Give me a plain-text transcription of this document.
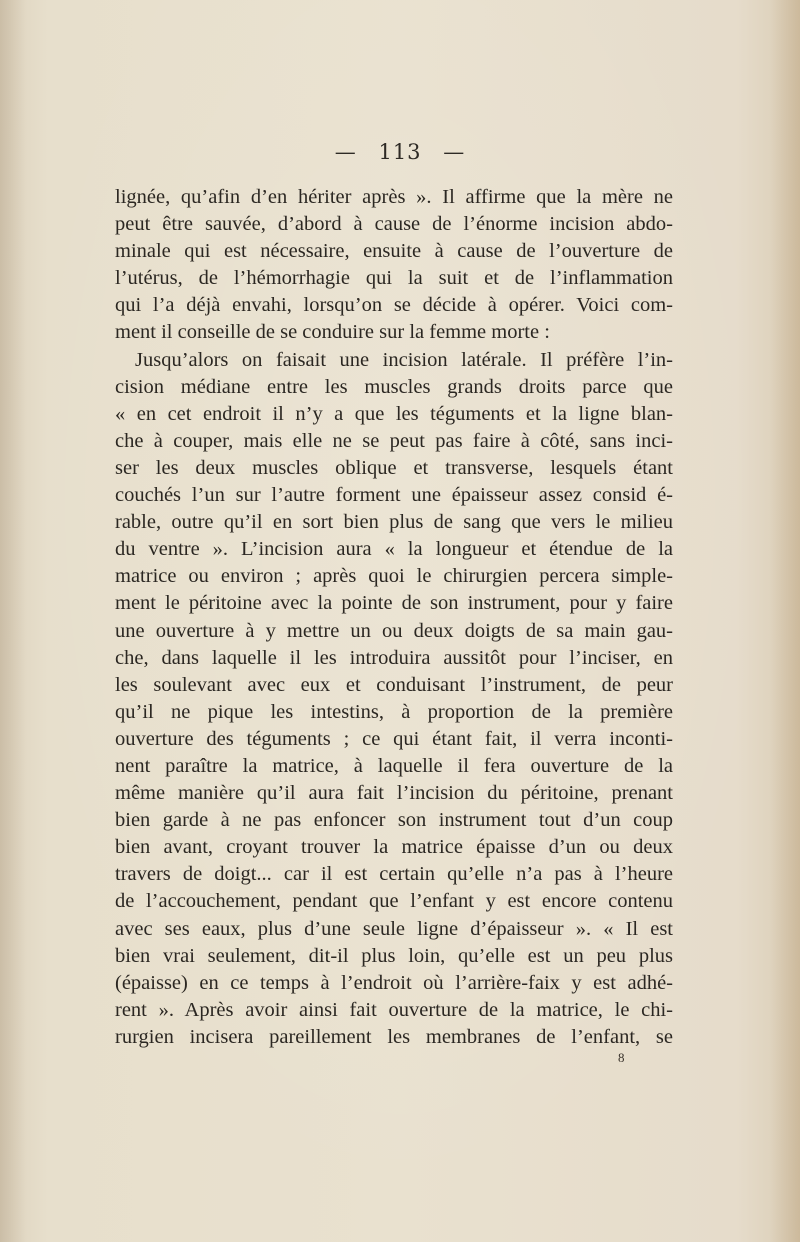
— 113 —
lignée, qu’afin d’en hériter après ». Il affirme que la mère ne
peut être sauvée, d’abord à cause de l’énorme incision abdo-
minale qui est nécessaire, ensuite à cause de l’ouverture de
l’utérus, de l’hémorrhagie qui la suit et de l’inflammation
qui l’a déjà envahi, lorsqu’on se décide à opérer. Voici com-
ment il conseille de se conduire sur la femme morte :
Jusqu’alors on faisait une incision latérale. Il préfère l’in-
cision médiane entre les muscles grands droits parce que
« en cet endroit il n’y a que les téguments et la ligne blan-
che à couper, mais elle ne se peut pas faire à côté, sans inci-
ser les deux muscles oblique et transverse, lesquels étant
couchés l’un sur l’autre forment une épaisseur assez consid é-
rable, outre qu’il en sort bien plus de sang que vers le milieu
du ventre ». L’incision aura « la longueur et étendue de la
matrice ou environ ; après quoi le chirurgien percera simple-
ment le péritoine avec la pointe de son instrument, pour y faire
une ouverture à y mettre un ou deux doigts de sa main gau-
che, dans laquelle il les introduira aussitôt pour l’inciser, en
les soulevant avec eux et conduisant l’instrument, de peur
qu’il ne pique les intestins, à proportion de la première
ouverture des téguments ; ce qui étant fait, il verra inconti-
nent paraître la matrice, à laquelle il fera ouverture de la
même manière qu’il aura fait l’incision du péritoine, prenant
bien garde à ne pas enfoncer son instrument tout d’un coup
bien avant, croyant trouver la matrice épaisse d’un ou deux
travers de doigt... car il est certain qu’elle n’a pas à l’heure
de l’accouchement, pendant que l’enfant y est encore contenu
avec ses eaux, plus d’une seule ligne d’épaisseur ». « Il est
bien vrai seulement, dit-il plus loin, qu’elle est un peu plus
(épaisse) en ce temps à l’endroit où l’arrière-faix y est adhé-
rent ». Après avoir ainsi fait ouverture de la matrice, le chi-
rurgien incisera pareillement les membranes de l’enfant, se
8
